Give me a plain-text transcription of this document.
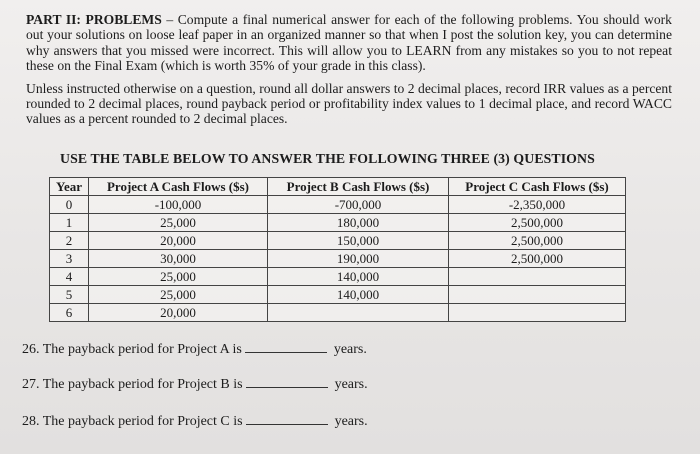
PART II: PROBLEMS – Compute a final numerical answer for each of the following problems. You should work out your solutions on loose leaf paper in an organized manner so that when I post the solution key, you can determine why answers that you missed were incorrect. This will allow you to LEARN from any mistakes so you to not repeat these on the Final Exam (which is worth 35% of your grade in this class).

Unless instructed otherwise on a question, round all dollar answers to 2 decimal places, record IRR values as a percent rounded to 2 decimal places, round payback period or profitability index values to 1 decimal place, and record WACC values as a percent rounded to 2 decimal places.

USE THE TABLE BELOW TO ANSWER THE FOLLOWING THREE (3) QUESTIONS
Year	Project A Cash Flows ($s)	Project B Cash Flows ($s)	Project C Cash Flows ($s)
0	-100,000	-700,000	-2,350,000
1	25,000	180,000	2,500,000
2	20,000	150,000	2,500,000
3	30,000	190,000	2,500,000
4	25,000	140,000	
5	25,000	140,000	
6	20,000		
26. The payback period for Project A is	years.
27. The payback period for Project B is	years.
28. The payback period for Project C is	years.
